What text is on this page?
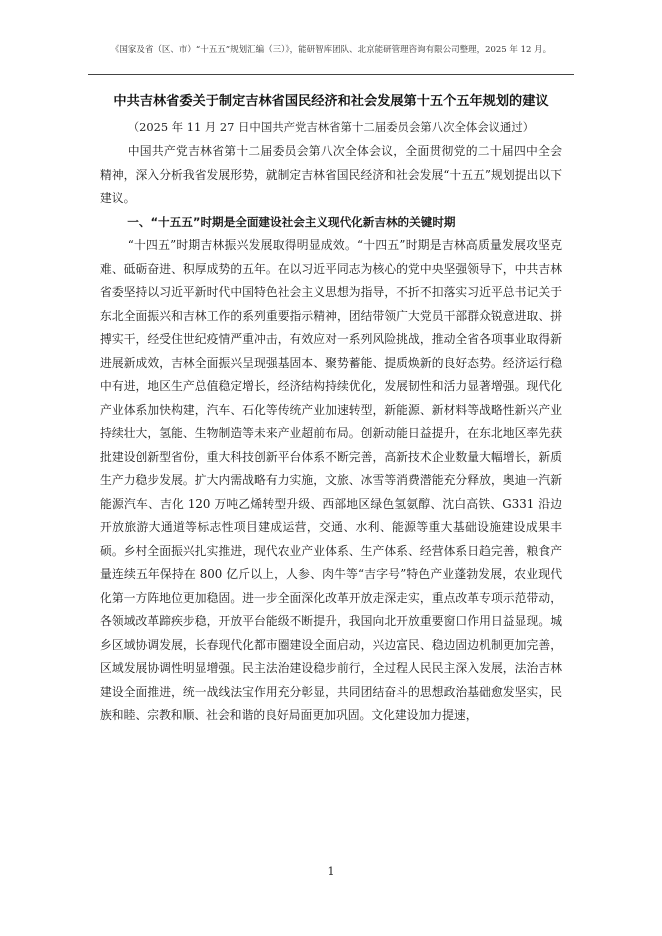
《国家及省（区、市）“十五五”规划汇编（三）》，能研智库团队、北京能研管理咨询有限公司整理，2025 年 12 月。
中共吉林省委关于制定吉林省国民经济和社会发展第十五个五年规划的建议
（2025 年 11 月 27 日中国共产党吉林省第十二届委员会第八次全体会议通过）

中国共产党吉林省第十二届委员会第八次全体会议，全面贯彻党的二十届四中全会精神，深入分析我省发展形势，就制定吉林省国民经济和社会发展“十五五”规划提出以下建议。

一、“十五五”时期是全面建设社会主义现代化新吉林的关键时期

“十四五”时期吉林振兴发展取得明显成效。“十四五”时期是吉林高质量发展攻坚克难、砥砺奋进、积厚成势的五年。在以习近平同志为核心的党中央坚强领导下，中共吉林省委坚持以习近平新时代中国特色社会主义思想为指导，不折不扣落实习近平总书记关于东北全面振兴和吉林工作的系列重要指示精神，团结带领广大党员干部群众锐意进取、拼搏实干，经受住世纪疫情严重冲击，有效应对一系列风险挑战，推动全省各项事业取得新进展新成效，吉林全面振兴呈现强基固本、聚势蓄能、提质焕新的良好态势。经济运行稳中有进，地区生产总值稳定增长，经济结构持续优化，发展韧性和活力显著增强。现代化产业体系加快构建，汽车、石化等传统产业加速转型，新能源、新材料等战略性新兴产业持续壮大，氢能、生物制造等未来产业超前布局。创新动能日益提升，在东北地区率先获批建设创新型省份，重大科技创新平台体系不断完善，高新技术企业数量大幅增长，新质生产力稳步发展。扩大内需战略有力实施，文旅、冰雪等消费潜能充分释放，奥迪一汽新能源汽车、吉化 120 万吨乙烯转型升级、西部地区绿色氢氨醇、沈白高铁、G331 沿边开放旅游大通道等标志性项目建成运营，交通、水利、能源等重大基础设施建设成果丰硕。乡村全面振兴扎实推进，现代农业产业体系、生产体系、经营体系日趋完善，粮食产量连续五年保持在 800 亿斤以上，人参、肉牛等“吉字号”特色产业蓬勃发展，农业现代化第一方阵地位更加稳固。进一步全面深化改革开放走深走实，重点改革专项示范带动，各领域改革蹄疾步稳，开放平台能级不断提升，我国向北开放重要窗口作用日益显现。城乡区域协调发展，长春现代化都市圈建设全面启动，兴边富民、稳边固边机制更加完善，区域发展协调性明显增强。民主法治建设稳步前行，全过程人民民主深入发展，法治吉林建设全面推进，统一战线法宝作用充分彰显，共同团结奋斗的思想政治基础愈发坚实，民族和睦、宗教和顺、社会和谐的良好局面更加巩固。文化建设加力提速，

1
